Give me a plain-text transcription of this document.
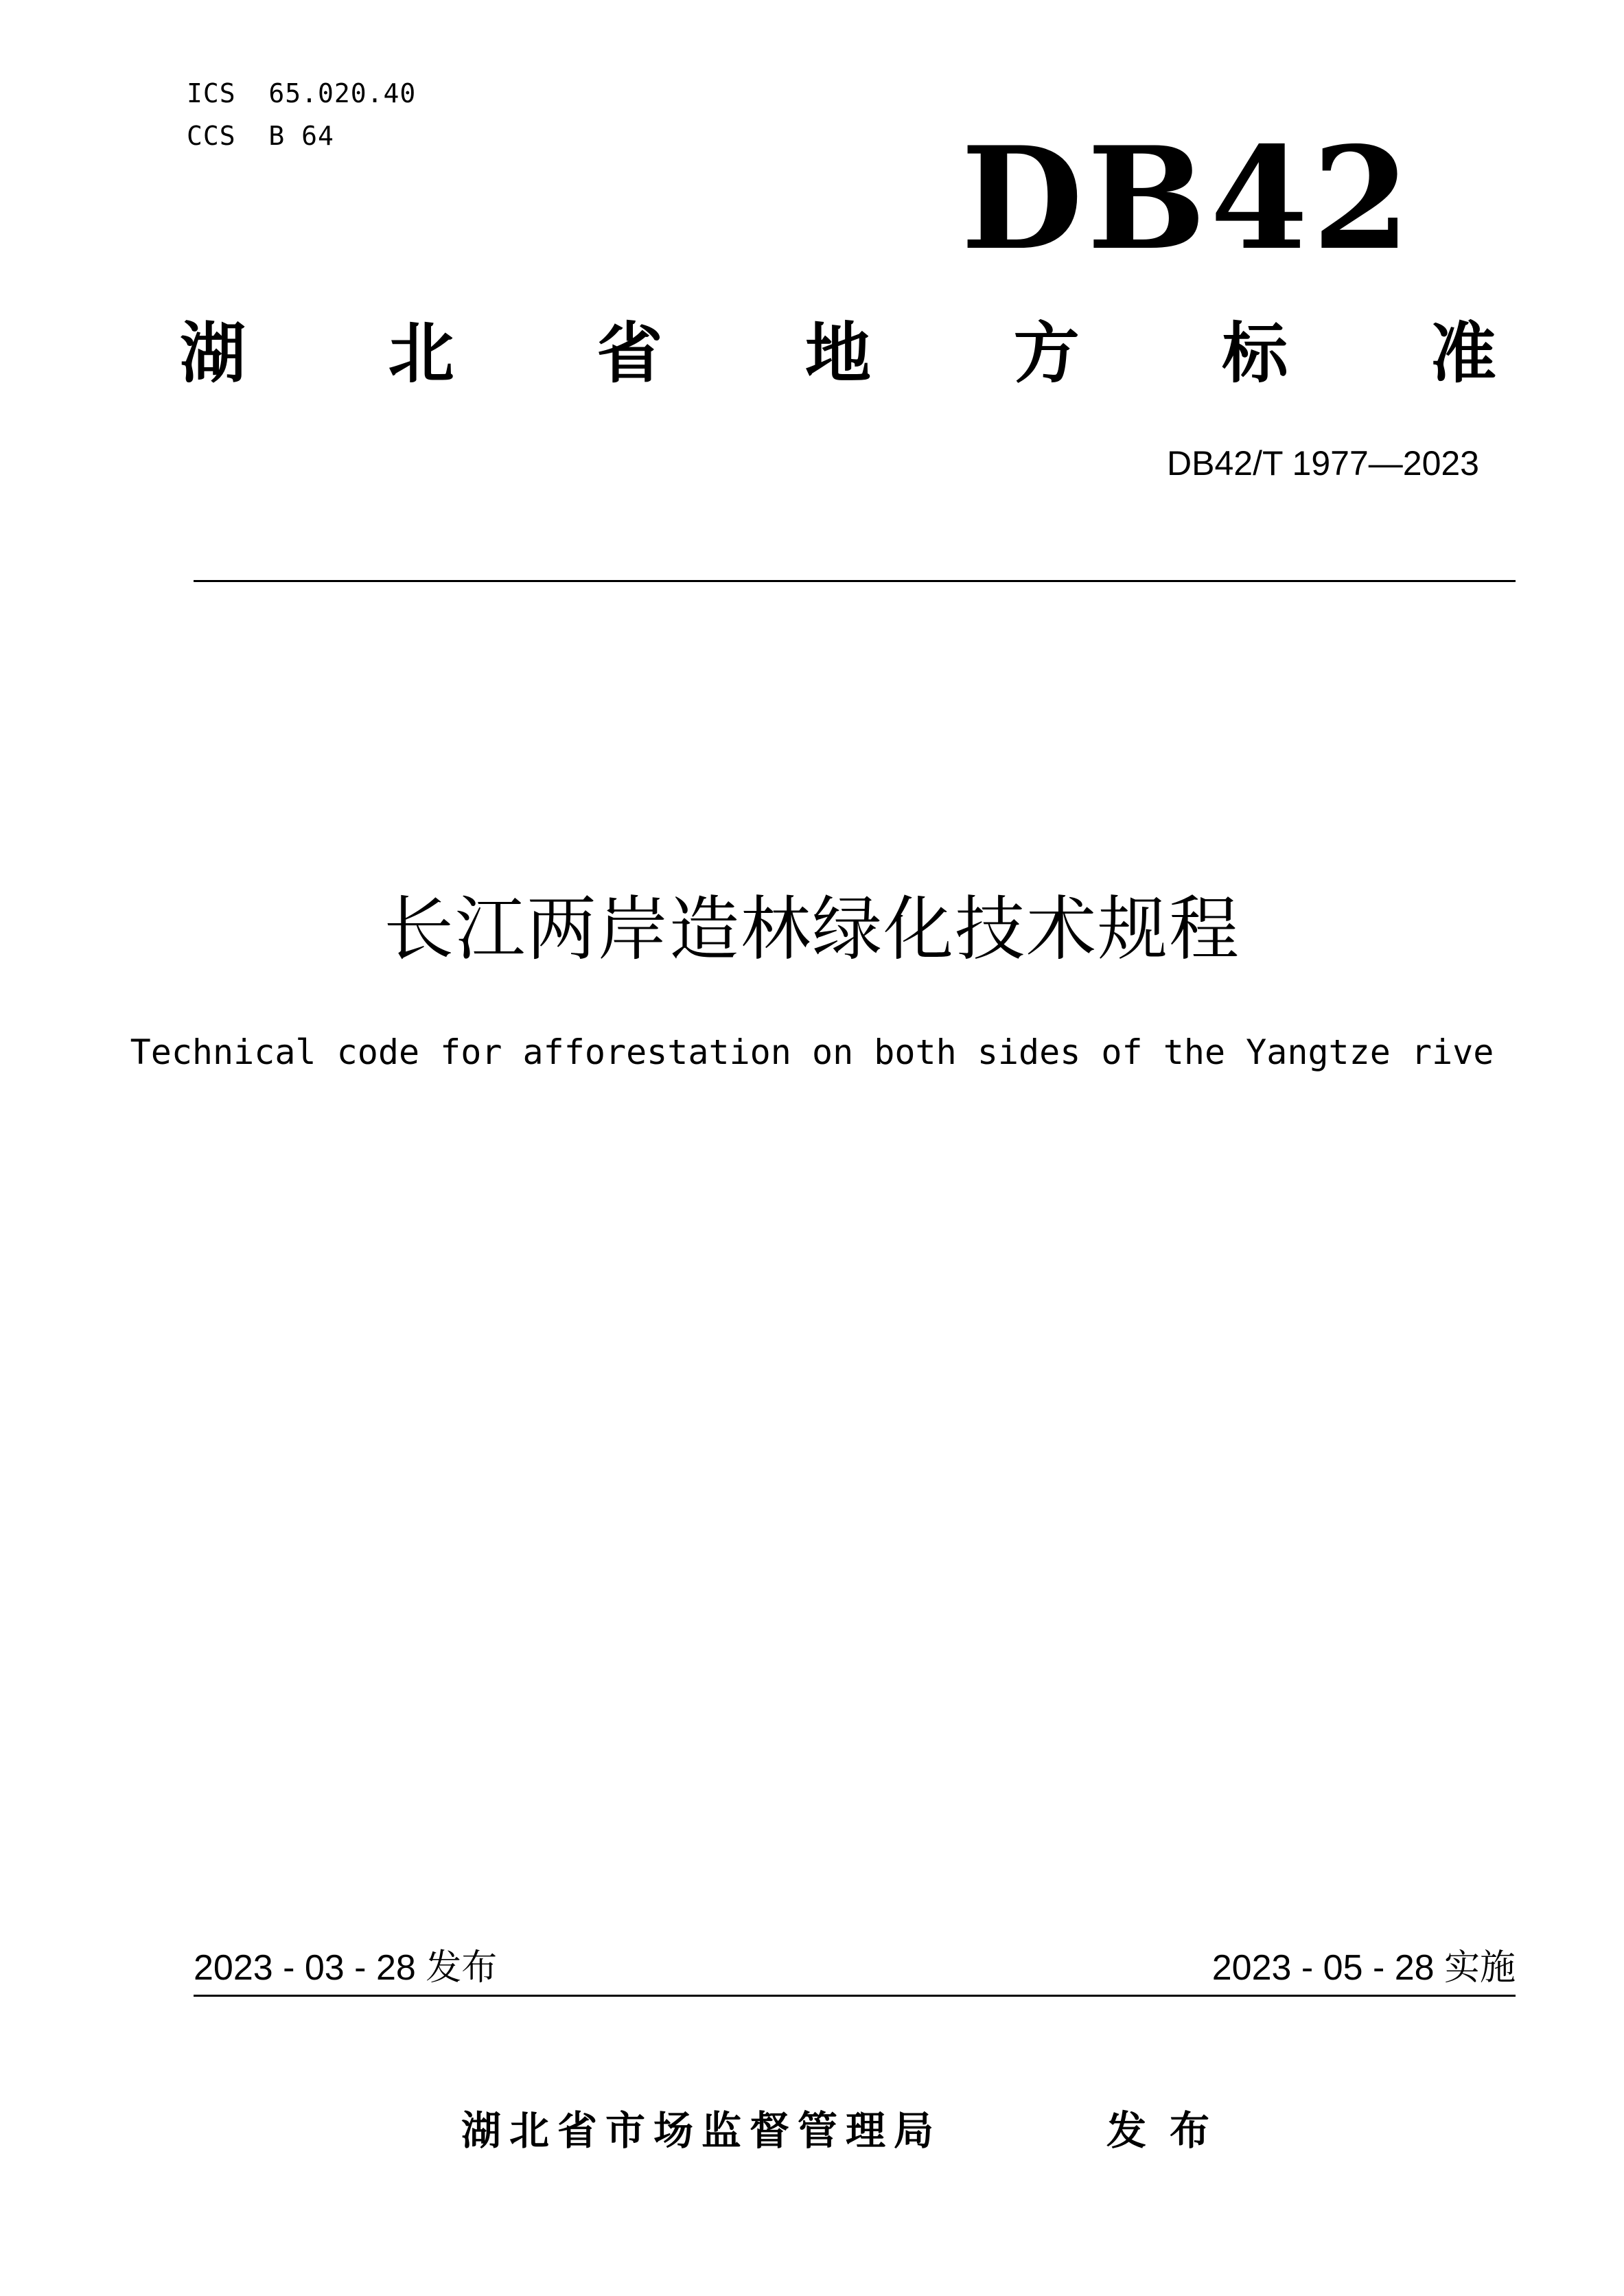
ICS  65.020.40
CCS  B 64	DB42
湖 北 省 地 方 标 准
DB42/T 1977—2023
长江两岸造林绿化技术规程
Technical code for afforestation on both sides of the Yangtze rive
2023 - 03 - 28 发布	2023 - 05 - 28 实施
湖北省市场监督管理局	发布
